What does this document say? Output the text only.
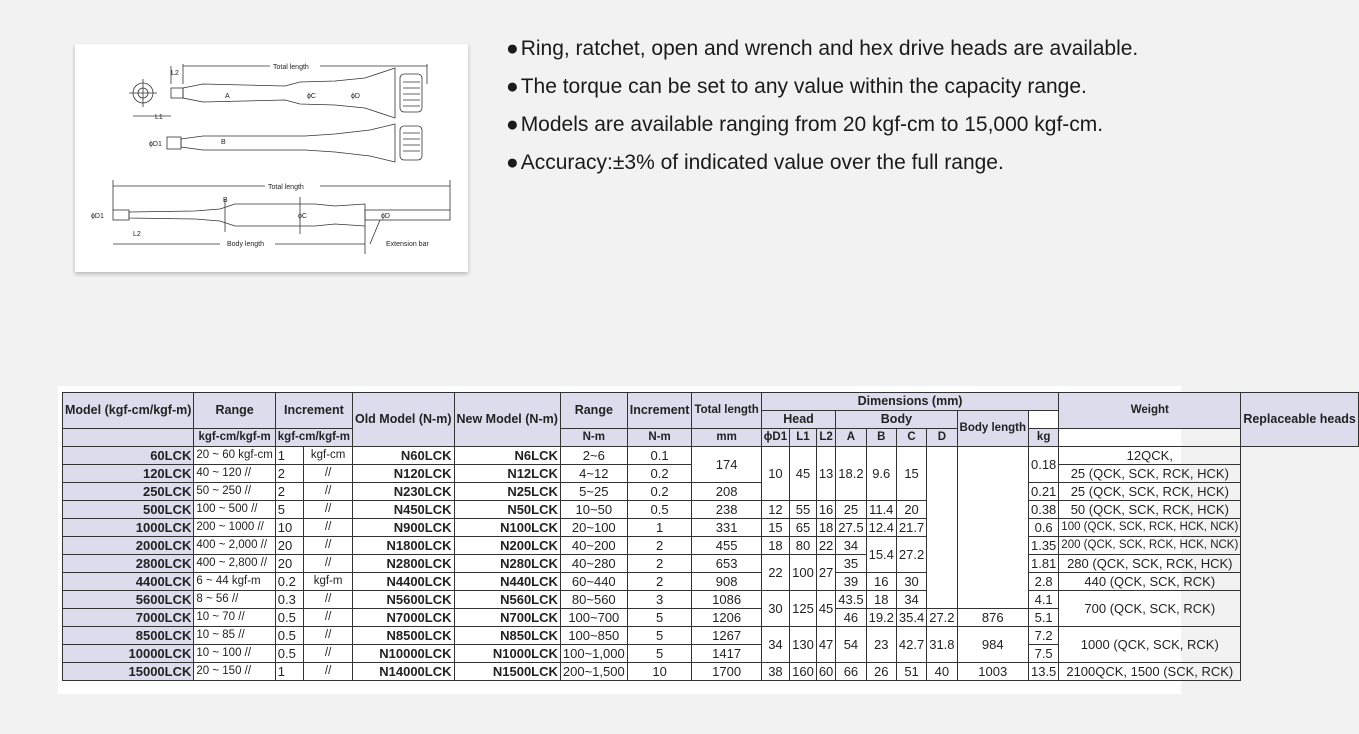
Total length
L2
L1
A	ϕC	ϕD
ϕD1	B
Total length
B
ϕC	ϕD
ϕD1
L2
Body length	Extension bar
●Ring, ratchet, open and wrench and hex drive heads are available.
●The torque can be set to any value within the capacity range.
●Models are available ranging from 20 kgf-cm to 15,000 kgf-cm.
●Accuracy:±3% of indicated value over the full range.
Model (kgf-cm/kgf-m)	Range	Increment		Old Model (N-m)	New Model (N-m)	Range	Increment	Total length	Dimensions (mm)									Weight	Replaceable heads
									Head			Body				Body length			
	kgf-cm/kgf-m	kgf-cm/kgf-m				N-m	N-m	mm	ϕD1	L1	L2	A	B	C	D		kg		
60LCK	20 ~ 60 kgf-cm	1	kgf-cm	N60LCK	N6LCK	2~6	0.1	174	10	45	13	18.2	9.6	15			0.18	12QCK,	
120LCK	40 ~ 120 //	2	//	N120LCK	N12LCK	4~12	0.2											25 (QCK, SCK, RCK, HCK)	
250LCK	50 ~ 250 //	2	//	N230LCK	N25LCK	5~25	0.2	208									0.21	25 (QCK, SCK, RCK, HCK)	
500LCK	100 ~ 500 //	5	//	N450LCK	N50LCK	10~50	0.5	238	12	55	16	25	11.4	20			0.38	50 (QCK, SCK, RCK, HCK)	
1000LCK	200 ~ 1000 //	10	//	N900LCK	N100LCK	20~100	1	331	15	65	18	27.5	12.4	21.7			0.6	100 (QCK, SCK, RCK, HCK, NCK)	
2000LCK	400 ~ 2,000 //	20	//	N1800LCK	N200LCK	40~200	2	455	18	80	22	34	15.4	27.2			1.35	200 (QCK, SCK, RCK, HCK, NCK)	
2800LCK	400 ~ 2,800 //	20	//	N2800LCK	N280LCK	40~280	2	653	22	100	27	35					1.81	280 (QCK, SCK, RCK, HCK)	
4400LCK	6 ~ 44 kgf-m	0.2	kgf-m	N4400LCK	N440LCK	60~440	2	908				39	16	30			2.8	440 (QCK, SCK, RCK)	
5600LCK	8 ~ 56 //	0.3	//	N5600LCK	N560LCK	80~560	3	1086	30	125	45	43.5	18	34			4.1	700 (QCK, SCK, RCK)	
7000LCK	10 ~ 70 //	0.5	//	N7000LCK	N700LCK	100~700	5	1206				46	19.2	35.4	27.2	876	5.1		
8500LCK	10 ~ 85 //	0.5	//	N8500LCK	N850LCK	100~850	5	1267	34	130	47	54	23	42.7	31.8	984	7.2	1000 (QCK, SCK, RCK)	
10000LCK	10 ~ 100 //	0.5	//	N10000LCK	N1000LCK	100~1,000	5	1417									7.5		
15000LCK	20 ~ 150 //	1	//	N14000LCK	N1500LCK	200~1,500	10	1700	38	160	60	66	26	51	40	1003	13.5	2100QCK, 1500 (SCK, RCK)	
